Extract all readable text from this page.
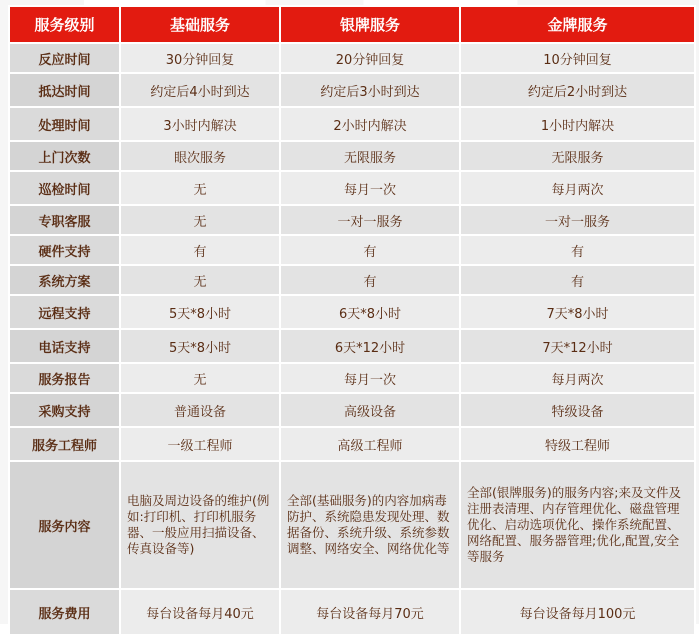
服务级别	基础服务	银牌服务	金牌服务
反应时间	30分钟回复	20分钟回复	10分钟回复
抵达时间	约定后4小时到达	约定后3小时到达	约定后2小时到达
处理时间	3小时内解决	2小时内解决	1小时内解决
上门次数	眼次服务	无限服务	无限服务
巡检时间	无	每月一次	每月两次
专职客服	无	一对一服务	一对一服务
硬件支持	有	有	有
系统方案	无	有	有
远程支持	5天*8小时	6天*8小时	7天*8小时
电话支持	5天*8小时	6天*12小时	7天*12小时
服务报告	无	每月一次	每月两次
采购支持	普通设备	高级设备	特级设备
服务工程师	一级工程师	高级工程师	特级工程师
服务内容	电脑及周边设备的维护(例如:打印机、打印机服务器、一般应用扫描设备、传真设备等)	全部(基础服务)的内容加病毒防护、系统隐患发现处理、数据备份、系统升级、系统参数调整、网络安全、网络优化等	全部(银牌服务)的服务内容;来及文件及注册表清理、内存管理优化、磁盘管理优化、启动选项优化、操作系统配置、网络配置、服务器管理;优化,配置,安全等服务
服务费用	每台设备每月40元	每台设备每月70元	每台设备每月100元
